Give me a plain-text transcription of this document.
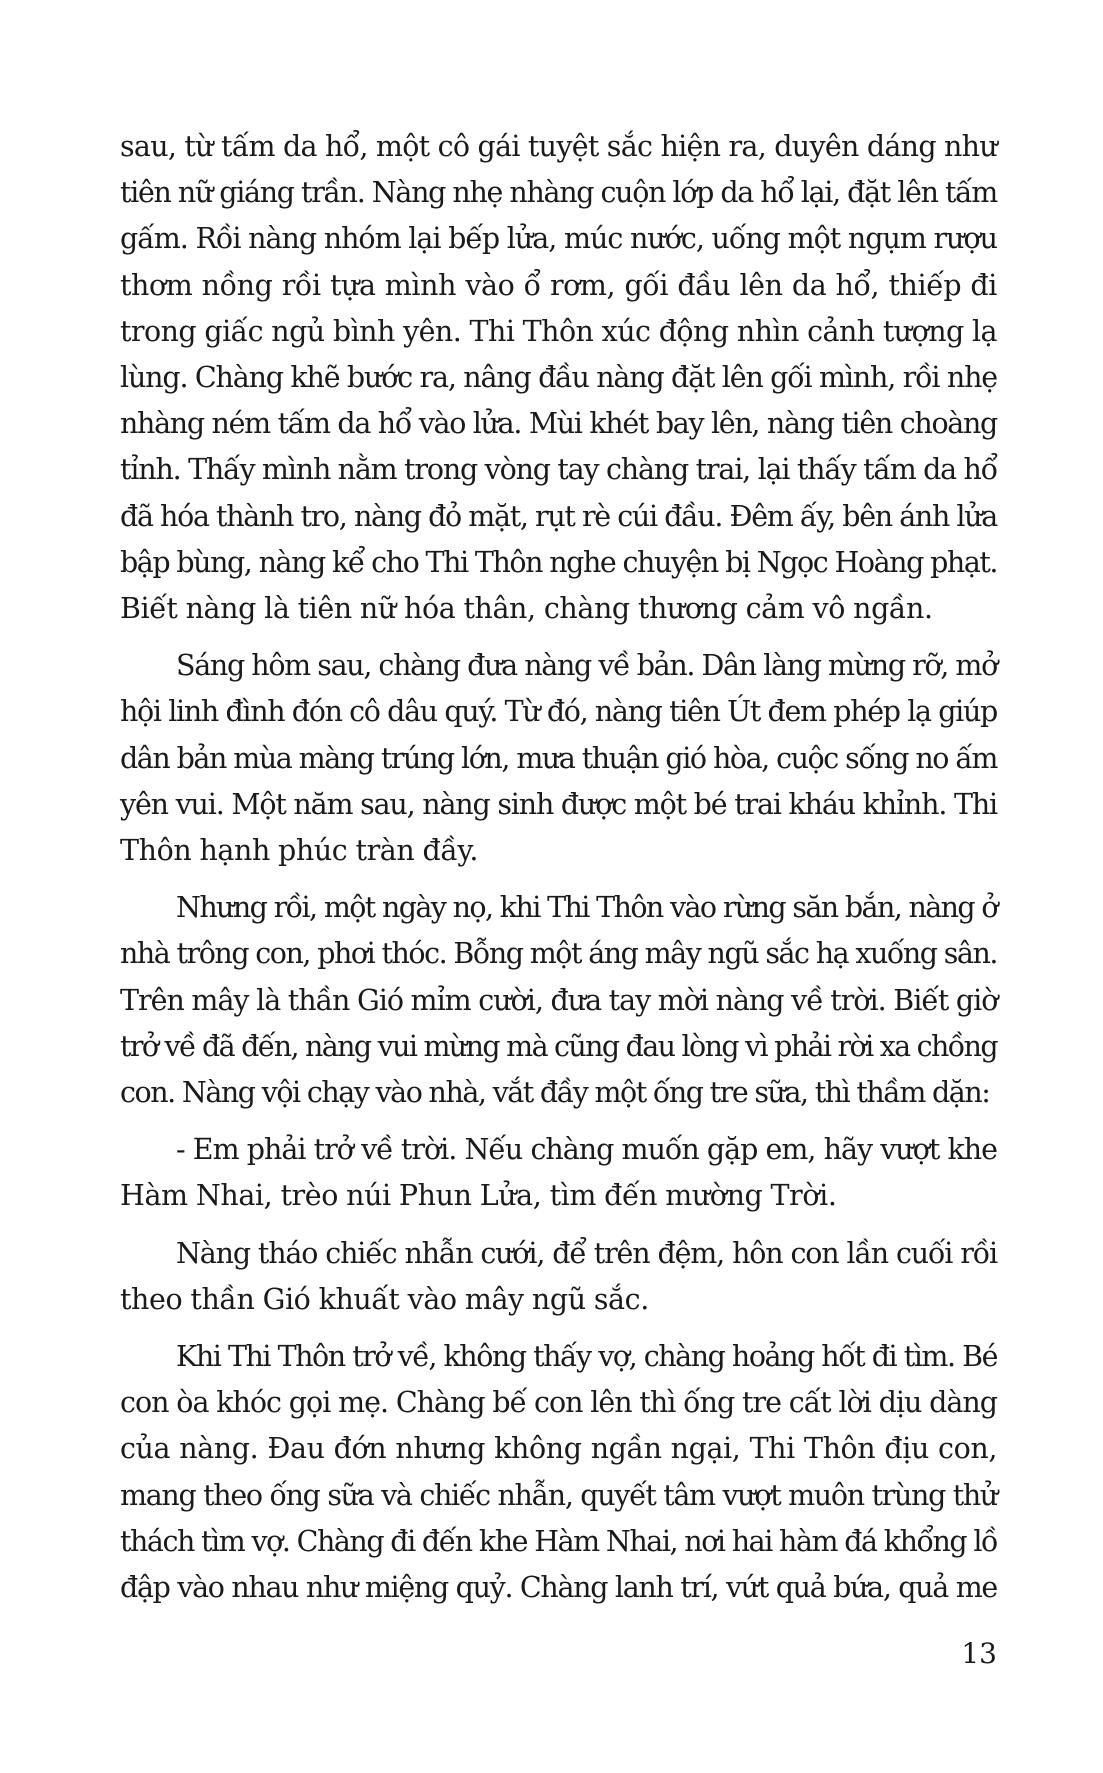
sau, từ tấm da hổ, một cô gái tuyệt sắc hiện ra, duyên dáng như
tiên nữ giáng trần. Nàng nhẹ nhàng cuộn lớp da hổ lại, đặt lên tấm
gấm. Rồi nàng nhóm lại bếp lửa, múc nước, uống một ngụm rượu
thơm nồng rồi tựa mình vào ổ rơm, gối đầu lên da hổ, thiếp đi
trong giấc ngủ bình yên. Thi Thôn xúc động nhìn cảnh tượng lạ
lùng. Chàng khẽ bước ra, nâng đầu nàng đặt lên gối mình, rồi nhẹ
nhàng ném tấm da hổ vào lửa. Mùi khét bay lên, nàng tiên choàng
tỉnh. Thấy mình nằm trong vòng tay chàng trai, lại thấy tấm da hổ
đã hóa thành tro, nàng đỏ mặt, rụt rè cúi đầu. Đêm ấy, bên ánh lửa
bập bùng, nàng kể cho Thi Thôn nghe chuyện bị Ngọc Hoàng phạt.
Biết nàng là tiên nữ hóa thân, chàng thương cảm vô ngần.

Sáng hôm sau, chàng đưa nàng về bản. Dân làng mừng rỡ, mở
hội linh đình đón cô dâu quý. Từ đó, nàng tiên Út đem phép lạ giúp
dân bản mùa màng trúng lớn, mưa thuận gió hòa, cuộc sống no ấm
yên vui. Một năm sau, nàng sinh được một bé trai kháu khỉnh. Thi
Thôn hạnh phúc tràn đầy.

Nhưng rồi, một ngày nọ, khi Thi Thôn vào rừng săn bắn, nàng ở
nhà trông con, phơi thóc. Bỗng một áng mây ngũ sắc hạ xuống sân.
Trên mây là thần Gió mỉm cười, đưa tay mời nàng về trời. Biết giờ
trở về đã đến, nàng vui mừng mà cũng đau lòng vì phải rời xa chồng
con. Nàng vội chạy vào nhà, vắt đầy một ống tre sữa, thì thầm dặn:

- Em phải trở về trời. Nếu chàng muốn gặp em, hãy vượt khe
Hàm Nhai, trèo núi Phun Lửa, tìm đến mường Trời.

Nàng tháo chiếc nhẫn cưới, để trên đệm, hôn con lần cuối rồi
theo thần Gió khuất vào mây ngũ sắc.

Khi Thi Thôn trở về, không thấy vợ, chàng hoảng hốt đi tìm. Bé
con òa khóc gọi mẹ. Chàng bế con lên thì ống tre cất lời dịu dàng
của nàng. Đau đớn nhưng không ngần ngại, Thi Thôn địu con,
mang theo ống sữa và chiếc nhẫn, quyết tâm vượt muôn trùng thử
thách tìm vợ. Chàng đi đến khe Hàm Nhai, nơi hai hàm đá khổng lồ
đập vào nhau như miệng quỷ. Chàng lanh trí, vứt quả bứa, quả me

13
